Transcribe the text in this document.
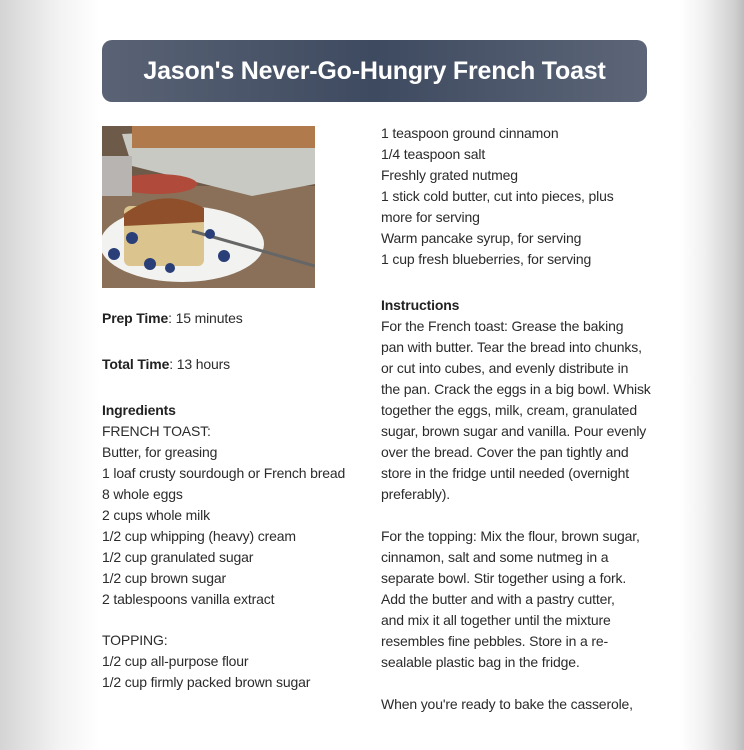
Jason's Never-Go-Hungry French Toast
Prep Time: 15 minutes
Total Time: 13 hours
Ingredients
FRENCH TOAST:
Butter, for greasing
1 loaf crusty sourdough or French bread
8 whole eggs
2 cups whole milk
1/2 cup whipping (heavy) cream
1/2 cup granulated sugar
1/2 cup brown sugar
2 tablespoons vanilla extract
TOPPING:
1/2 cup all-purpose flour
1/2 cup firmly packed brown sugar
1 teaspoon ground cinnamon
1/4 teaspoon salt
Freshly grated nutmeg
1 stick cold butter, cut into pieces, plus
more for serving
Warm pancake syrup, for serving
1 cup fresh blueberries, for serving
Instructions
For the French toast: Grease the baking
pan with butter. Tear the bread into chunks,
or cut into cubes, and evenly distribute in
the pan. Crack the eggs in a big bowl. Whisk
together the eggs, milk, cream, granulated
sugar, brown sugar and vanilla. Pour evenly
over the bread. Cover the pan tightly and
store in the fridge until needed (overnight
preferably).
For the topping: Mix the flour, brown sugar,
cinnamon, salt and some nutmeg in a
separate bowl. Stir together using a fork.
Add the butter and with a pastry cutter,
and mix it all together until the mixture
resembles fine pebbles. Store in a re-
sealable plastic bag in the fridge.
When you're ready to bake the casserole,
